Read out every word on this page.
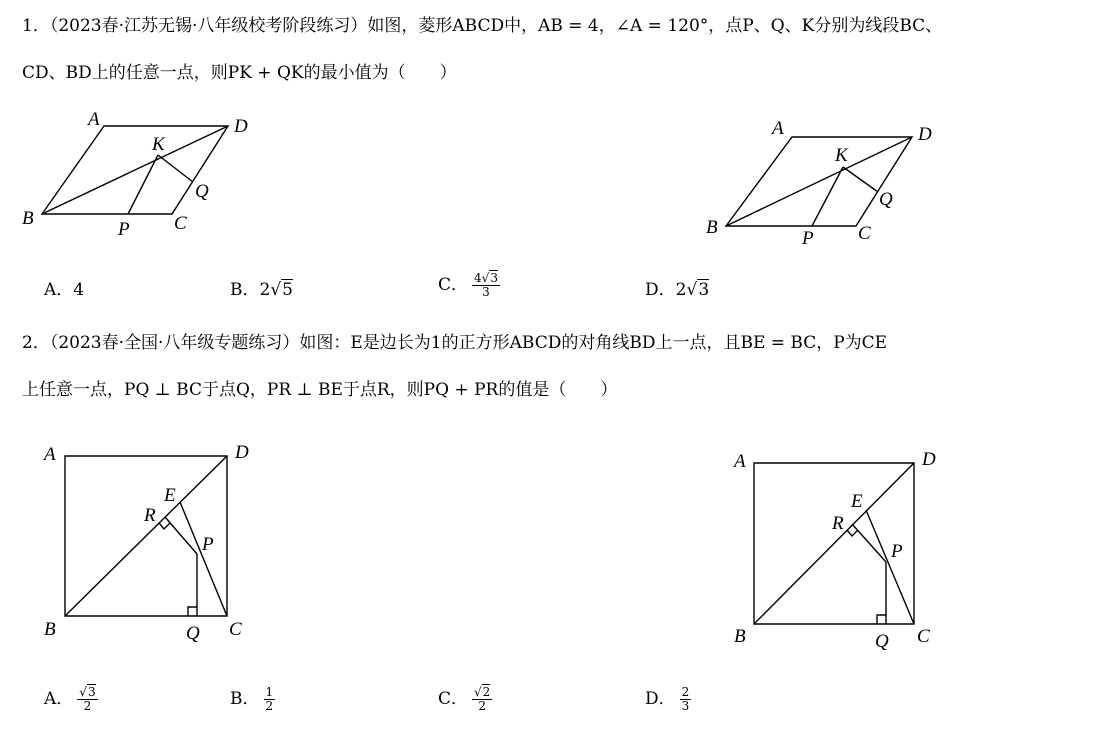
1．（2023春·江苏无锡·八年级校考阶段练习）如图，菱形ABCD中，AB = 4，∠A = 120°，点P、Q、K分别为线段BC、
CD、BD上的任意一点，则PK + QK的最小值为（　　）
A	D
K
Q
B
P C
A	D
K
Q
B
P C
A．4	B．2√5	C． $\frac{4√3}{3}$	D．2√3
2．（2023春·全国·八年级专题练习）如图：E是边长为1的正方形ABCD的对角线BD上一点，且BE = BC，P为CE
上任意一点，PQ ⊥ BC于点Q，PR ⊥ BE于点R，则PQ + PR的值是（　　）
A	D
E
R
P
B	Q C
A	D
E
R
P
B	Q C
A． $\frac{√3}{2}$	B． $\frac{1}{2}$	C． $\frac{√2}{2}$	D． $\frac{2}{3}$
